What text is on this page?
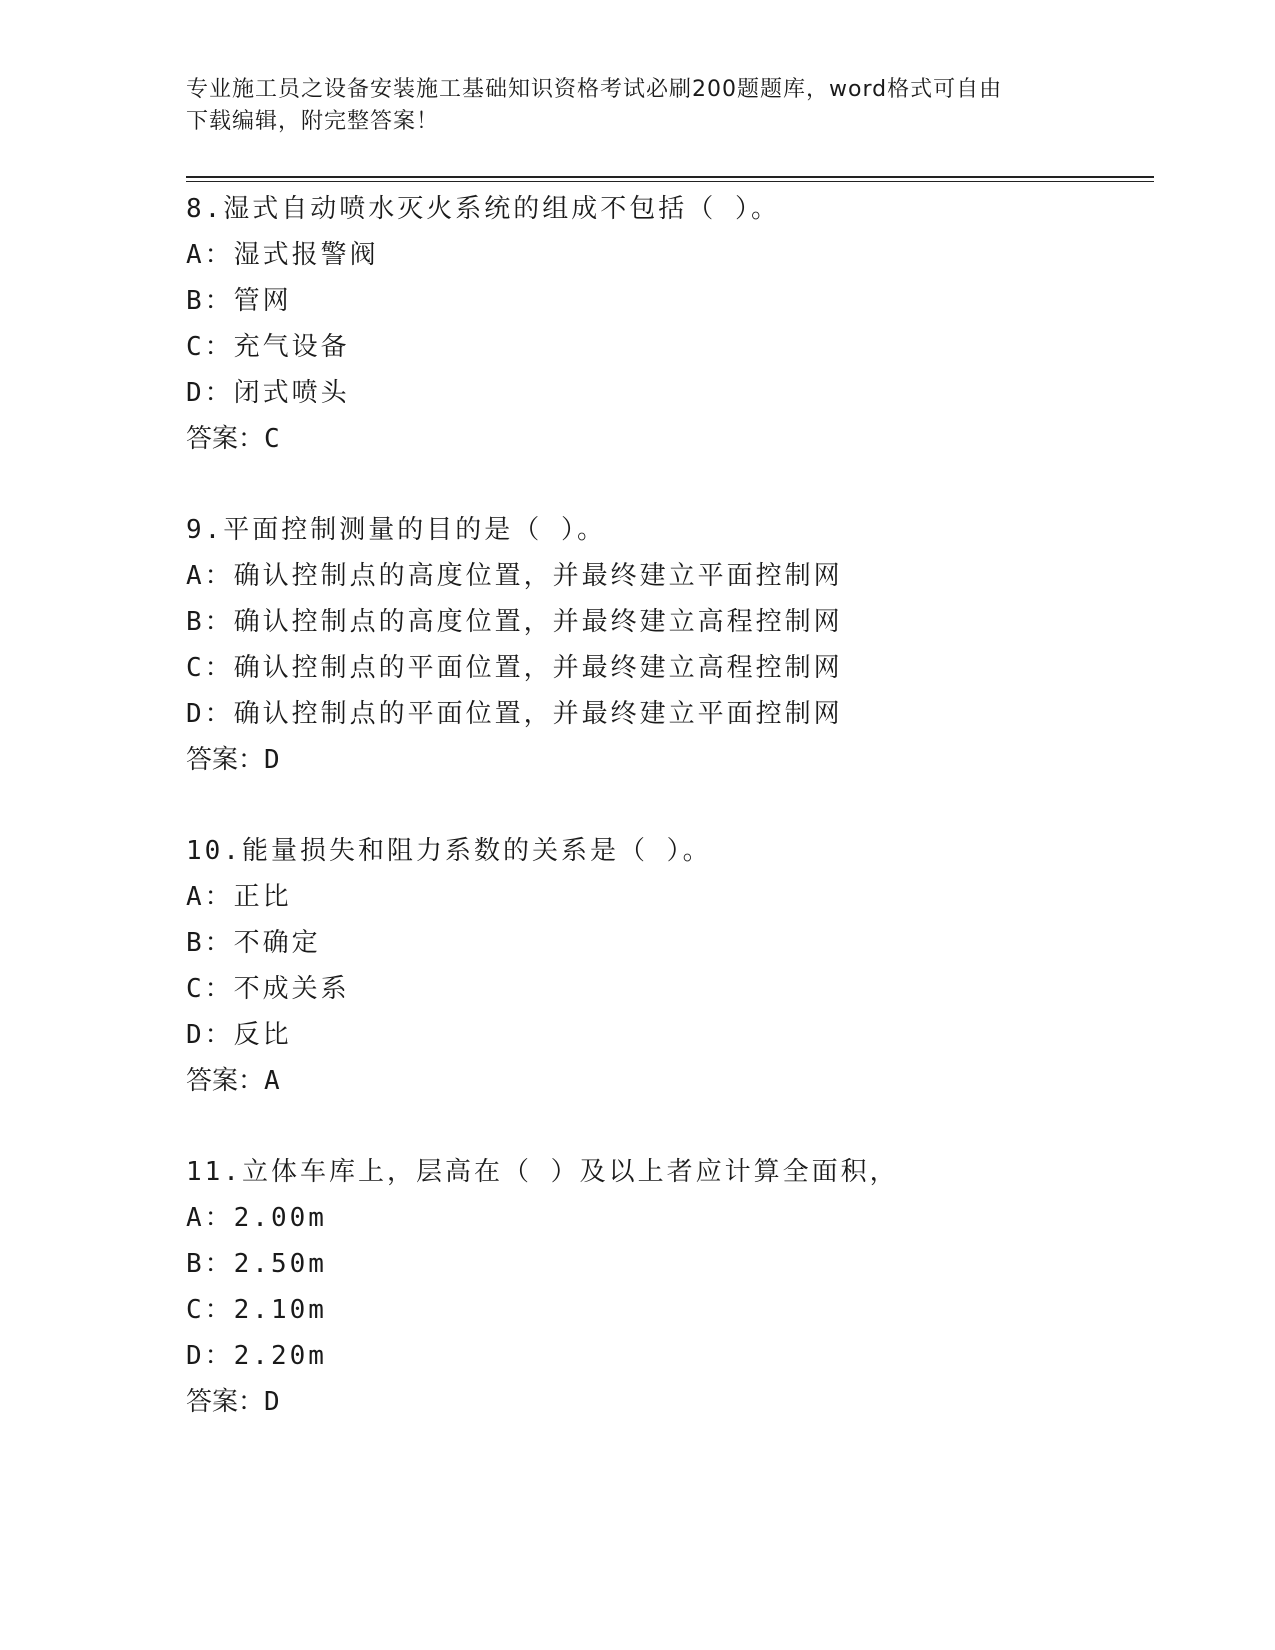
专业施工员之设备安装施工基础知识资格考试必刷200题题库，word格式可自由
下载编辑，附完整答案！
8.湿式自动喷水灭火系统的组成不包括（ ）。
A：湿式报警阀
B：管网
C：充气设备
D：闭式喷头
答案：C
9.平面控制测量的目的是（ ）。
A：确认控制点的高度位置，并最终建立平面控制网
B：确认控制点的高度位置，并最终建立高程控制网
C：确认控制点的平面位置，并最终建立高程控制网
D：确认控制点的平面位置，并最终建立平面控制网
答案：D
10.能量损失和阻力系数的关系是（ ）。
A：正比
B：不确定
C：不成关系
D：反比
答案：A
11.立体车库上，层高在（ ）及以上者应计算全面积，
A：2.00m
B：2.50m
C：2.10m
D：2.20m
答案：D
